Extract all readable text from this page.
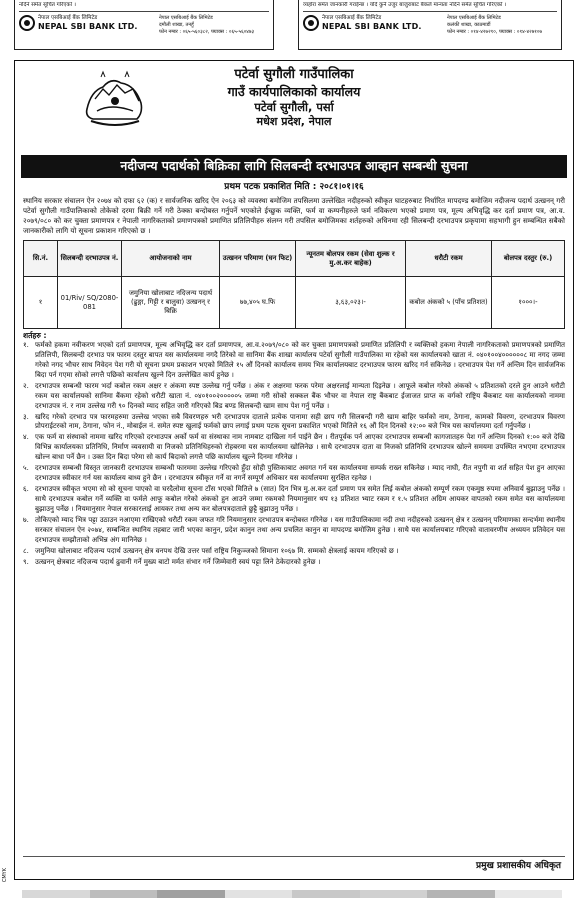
नदिने समेत सूचित गरिएको ।
नेपाल एसबिआई बैंक लिमिटेड
NEPAL SBI BANK LTD.
नेपाल एसबिआई बैंक लिमिटेड
दमौली शाखा, तनहुँ
फोन नम्बर : ०६५-५६०३८२, फ्याक्स : ०६५-५६०४७३
व्यहोरा समेत जानकारी गराईन्छ । यदि कुनै उजुर बाजुराबाट बैंकले मान्यता नदिने समेत सूचित गरिएको ।
नेपाल एसबिआई बैंक लिमिटेड
NEPAL SBI BANK LTD.
नेपाल एसबिआई बैंक लिमिटेड
कलंकी शाखा, काठमाडौं
फोन नम्बर : ०१४-४२७२१०, फ्याक्स : ०१४-४२७१०७
पटेर्वा सुगौली गाउँपालिका
गाउँ कार्यपालिकाको कार्यालय
पटेर्वा सुगौली, पर्सा
मधेश प्रदेश, नेपाल
नदीजन्य पदार्थको बिक्रिका लागि सिलबन्दी दरभाउपत्र आव्हान सम्बन्धी सुचना
प्रथम पटक प्रकाशित मिति : २०८१।०१।१६

स्थानिय सरकार संचालन ऐन २०७४ को दफा ६२ (क) र सार्वजनिक खरिद ऐन २०६३ को व्यवस्था बमोजिम तपसिलमा उल्लेखित नदीहरुको स्वीकृत घाटहरुबाट निर्धारित मापदण्ड बमोजिम नदीजन्य पदार्थ उत्खनन् गरी पटेर्वा सुगौली गाउँपालिकाको तोकेको दरमा बिक्री गर्ने गरी ठेक्का बन्दोबस्त गर्नुपर्ने भएकोले ईच्छुक व्यक्ति, फर्म वा कम्पनीहरुले फर्म नविकरण भएको प्रमाण पत्र, मूल्य अभिवृद्धि कर दर्ता प्रमाण पत्र, आ.व. २०७९/०८० को कर चुक्ता प्रमाणपत्र र नेपाली नागरिकताको प्रमाणपत्रको प्रमाणित प्रतिलिपीहरु संलग्न गरी तपसिल बमोजिमका शर्तहरुको अधिनमा रही सिलबन्दी दरभाउपत्र प्रकृयामा सहभागी हुन सम्बन्धित सबैको जानकारीको लागि यो सूचना प्रकाशन गरिएको छ ।

सि.नं.	सिलबन्दी दरभाउपत्र नं.	आयोजनाको नाम	उत्खनन परिमाण (घन फिट)	न्यूनतम बोलपत्र रकम (सेवा शुल्क र मु.अ.कर बाहेक)	धरौटी रकम	बोलपत्र दस्तुर (रु.)
१	01/Riv/ SQ/2080-081	जमुनिया खोलाबाट नदिजन्य पदार्थ (ढुङ्गा, गिट्टी र बालुवा) उत्खनन् र बिक्रि	७७,४०५ घ.फि	३,६३,०२३।-	कबोल अंकको ५ (पाँच प्रतिशत)	१०००।-
शर्तहरु :
१. फर्मको हकमा नवीकरण भएको दर्ता प्रमाणपत्र, मूल्य अभिवृद्धि कर दर्ता प्रमाणपत्र, आ.व.२०७९/०८० को कर चुक्ता प्रमाणपत्रको प्रमाणित प्रतिलिपी र व्यक्तिको हकमा नेपाली नागरिकताको प्रमाणपत्रको प्रमाणित प्रतिलिपी, सिलबन्दी दरभाउ पत्र फारम दस्तुर बापत यस कार्यालयमा नगदै तिरेको वा सानिमा बैंक शाखा कार्यालय पटेर्वा सुगौली गाउँपालिका मा रहेको यस कार्यालयको खाता नं. ०४०१००४००००००८ मा नगद जम्मा गरेको नगद भौचर साथ निवेदन पेश गरी यो सूचना प्रथम प्रकाशन भएको मितिले १५ औं दिनको कार्यालय समय भित्र कार्यालयबाट दरभाउपत्र फारम खरिद गर्न सकिनेछ । दरभाउपत्र पेश गर्ने अन्तिम दिन सार्वजनिक बिदा पर्न गएमा सोको लगत्तै पछिको कार्यालय खुल्ने दिन उल्लेखित कार्य हुनेछ ।
२. दरभाउपत्र सम्बन्धी फारम भर्दा कबोल रकम अक्षर र अंकमा स्पष्ट उल्लेख गर्नु पर्नेछ । अंक र अक्षरमा फरक परेमा अक्षरलाई मान्यता दिइनेछ । आफूले कबोल गरेको अंकको ५ प्रतिशतको दरले हुन आउने धरौटी रकम यस कार्यालयको सानिमा बैंकमा रहेको धरौटी खाता नं. ०४०१००२०००००५ जम्मा गरी सोको सक्कल बैंक भौचर वा नेपाल राष्ट्र बैंकबाट ईजाजत प्राप्त क वर्गको राष्ट्रिय बैंकबाट यस कार्यालयको नाममा दरभाउपत्र नं. र नाम उल्लेख गरी ९० दिनको म्याद सहित जारी गरिएको बिड बण्ड सिलबन्दी खाम साथ पेश गर्नु पर्नेछ ।
३. खरिद गरेको दरभाउ पत्र फारमहरुमा उल्लेख भएका सबै विवरणहरु भरी दरभाउपत्र दाताले प्रत्येक पानामा सही छाप गरी सिलबन्दी गरी खाम बाहिर फर्मको नाम, ठेगाना, कामको विवरण, दरभाउपत्र विवरण प्रोपराईटरको नाम, ठेगाना, फोन नं., मोबाईल नं. समेत स्पष्ट खुलाई फर्मको छाप लगाई प्रथम पटक सूचना प्रकाशित भएको मितिले १६ औं दिन दिनको १२:०० बजे भित्र यस कार्यालयमा दर्ता गर्नुपर्नेछ ।
४. एक फर्म वा संस्थाको नाममा खरिद गरिएको दरभाउपत्र अर्को फर्म वा संस्थाका नाम नामबाट दाखिला गर्न पाईने छैन । रीतपूर्वक पर्न आएका दरभाउपत्र सम्बन्धी कागजातहरु पेश गर्ने अन्तिम दिनको १:०० बजे देखि विभिन्न कार्यालयका प्रतिनिधि, निर्माण व्यवसायी वा निजको प्रतिनिधिहरुको रोहबरमा यस कार्यालयमा खोलिनेछ । साथै दरभाउपत्र दाता वा निजको प्रतिनिधि दरभाउपत्र खोल्ने समयमा उपस्थित नभएमा दरभाउपत्र खोल्न बाधा पर्ने छैन । उक्त दिन बिदा परेमा सो कार्य बिदाको लगत्तै पछि कार्यालय खुल्ने दिनमा गरिनेछ ।
५. दरभाउपत्र सम्बन्धी विस्तृत जानकारी दरभाउपत्र सम्बन्धी फारममा उल्लेख गरिएको हुँदा सोही पुस्तिकाबाट अवगत गर्न यस कार्यालयमा सम्पर्क राख्न सकिनेछ । म्याद नाघी, रीत नपुगी वा शर्त सहित पेश हुन आएका दरभाउपत्र स्वीकार गर्न यस कार्यालय बाध्य हुने छैन । दरभाउपत्र स्वीकृत गर्ने वा नगर्ने सम्पूर्ण अधिकार यस कार्यालयमा सुरक्षित रहनेछ ।
६. दरभाउपत्र स्वीकृत भएमा सो को सूचना पाएको वा घरदैलोमा सूचना टाँस भएको मितिले ७ (सात) दिन भित्र मु.अ.कर दर्ता प्रमाण पत्र समेत लिई कबोल अंकको सम्पूर्ण रकम एकमुष्ठ रुपमा अनिवार्य बुझाउनु पर्नेछ । साथै दरभाउपत्र कबोल गर्ने व्यक्ति वा फर्मले आफू कबोल गरेको अंकको हुन आउने जम्मा रकमको नियमानुसार थप १३ प्रतिशत भ्याट रकम र १.५ प्रतिशत अग्रिम आयकर वापतको रकम समेत यस कार्यालयमा बुझाउनु पर्नेछ । नियमानुसार नेपाल सरकारलाई आयकर तथा अन्य कर बोलपत्रदाताले छुट्टै बुझाउनु पर्नेछ ।
७. तोकिएको म्याद भित्र पट्टा उठाउन नआएमा राखिएको धरौटी रकम जफत गरि नियमानुसार दरभाउपत्र बन्दोबस्त गरिनेछ । यस गाउँपालिकामा नदी तथा नदीहरुको उत्खनन् क्षेत्र र उत्खनन् परिमाणका सन्दर्भमा स्थानीय सरकार संचालन ऐन २०७४, सम्बन्धित स्थानिय तहबाट जारी भएका कानुन, प्रदेश कानुन तथा अन्य प्रचलित कानुन वा मापदण्ड बमोजिम हुनेछ । साथै यस कार्यालयबाट गरिएको वातावरणीय अध्ययन प्रतिवेदन यस दरभाउपत्र सम्झौताको अभिन्न अंग मानिनेछ ।
८. जमुनिया खोलाबाट नदिजन्य पदार्थ उत्खनन् क्षेत्र वनपथ देखि उत्तर पर्सा राष्ट्रिय निकुञ्जको सिमाना १०६७ मि. सम्मको क्षेत्रलाई कायम गरिएको छ ।
९. उत्खनन् क्षेत्रबाट नदिजन्य पदार्थ ढुवानी गर्ने मुख्य बाटो मर्मत संभार गर्ने जिम्मेवारी स्वयं पट्टा लिने ठेकेदारको हुनेछ ।
प्रमुख प्रशासकीय अधिकृत
CMYK
